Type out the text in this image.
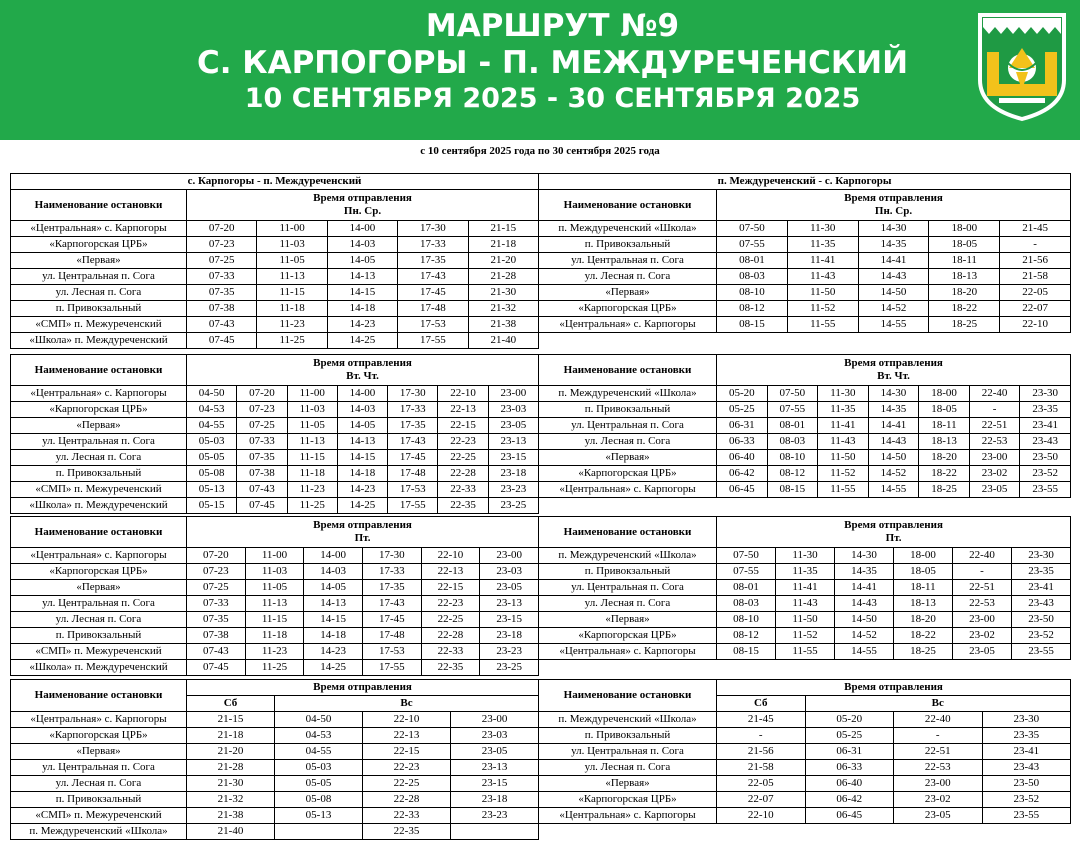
МАРШРУТ №9
С. КАРПОГОРЫ - П. МЕЖДУРЕЧЕНСКИЙ
10 СЕНТЯБРЯ 2025 - 30 СЕНТЯБРЯ 2025
с 10 сентября 2025 года по 30 сентября 2025 года
с. Карпогоры - п. Междуреченский					
Наименование остановки	Время отправления
Пн. Ср.				

«Центральная» с. Карпогоры	07-20	11-00	14-00	17-30	21-15
«Карпогорская ЦРБ»	07-23	11-03	14-03	17-33	21-18
«Первая»	07-25	11-05	14-05	17-35	21-20
ул. Центральная п. Сога	07-33	11-13	14-13	17-43	21-28
ул. Лесная п. Сога	07-35	11-15	14-15	17-45	21-30
п. Привокзальный	07-38	11-18	14-18	17-48	21-32
«СМП» п. Межуреченский	07-43	11-23	14-23	17-53	21-38
«Школа» п. Междуреченский	07-45	11-25	14-25	17-55	21-40
п. Междуреченский - с. Карпогоры					
Наименование остановки	Время отправления
Пн. Ср.				

п. Междуреченский «Школа»	07-50	11-30	14-30	18-00	21-45
п. Привокзальный	07-55	11-35	14-35	18-05	-
ул. Центральная п. Сога	08-01	11-41	14-41	18-11	21-56
ул. Лесная п. Сога	08-03	11-43	14-43	18-13	21-58
«Первая»	08-10	11-50	14-50	18-20	22-05
«Карпогорская ЦРБ»	08-12	11-52	14-52	18-22	22-07
«Центральная» с. Карпогоры	08-15	11-55	14-55	18-25	22-10

Наименование остановки	Время отправления
Вт. Чт.						

«Центральная» с. Карпогоры	04-50	07-20	11-00	14-00	17-30	22-10	23-00
«Карпогорская ЦРБ»	04-53	07-23	11-03	14-03	17-33	22-13	23-03
«Первая»	04-55	07-25	11-05	14-05	17-35	22-15	23-05
ул. Центральная п. Сога	05-03	07-33	11-13	14-13	17-43	22-23	23-13
ул. Лесная п. Сога	05-05	07-35	11-15	14-15	17-45	22-25	23-15
п. Привокзальный	05-08	07-38	11-18	14-18	17-48	22-28	23-18
«СМП» п. Межуреченский	05-13	07-43	11-23	14-23	17-53	22-33	23-23
«Школа» п. Междуреченский	05-15	07-45	11-25	14-25	17-55	22-35	23-25
Наименование остановки	Время отправления
Вт. Чт.						

п. Междуреченский «Школа»	05-20	07-50	11-30	14-30	18-00	22-40	23-30
п. Привокзальный	05-25	07-55	11-35	14-35	18-05	-	23-35
ул. Центральная п. Сога	06-31	08-01	11-41	14-41	18-11	22-51	23-41
ул. Лесная п. Сога	06-33	08-03	11-43	14-43	18-13	22-53	23-43
«Первая»	06-40	08-10	11-50	14-50	18-20	23-00	23-50
«Карпогорская ЦРБ»	06-42	08-12	11-52	14-52	18-22	23-02	23-52
«Центральная» с. Карпогоры	06-45	08-15	11-55	14-55	18-25	23-05	23-55

Наименование остановки	Время отправления
Пт.					

«Центральная» с. Карпогоры	07-20	11-00	14-00	17-30	22-10	23-00
«Карпогорская ЦРБ»	07-23	11-03	14-03	17-33	22-13	23-03
«Первая»	07-25	11-05	14-05	17-35	22-15	23-05
ул. Центральная п. Сога	07-33	11-13	14-13	17-43	22-23	23-13
ул. Лесная п. Сога	07-35	11-15	14-15	17-45	22-25	23-15
п. Привокзальный	07-38	11-18	14-18	17-48	22-28	23-18
«СМП» п. Межуреченский	07-43	11-23	14-23	17-53	22-33	23-23
«Школа» п. Междуреченский	07-45	11-25	14-25	17-55	22-35	23-25
Наименование остановки	Время отправления
Пт.					

п. Междуреченский «Школа»	07-50	11-30	14-30	18-00	22-40	23-30
п. Привокзальный	07-55	11-35	14-35	18-05	-	23-35
ул. Центральная п. Сога	08-01	11-41	14-41	18-11	22-51	23-41
ул. Лесная п. Сога	08-03	11-43	14-43	18-13	22-53	23-43
«Первая»	08-10	11-50	14-50	18-20	23-00	23-50
«Карпогорская ЦРБ»	08-12	11-52	14-52	18-22	23-02	23-52
«Центральная» с. Карпогоры	08-15	11-55	14-55	18-25	23-05	23-55

Наименование остановки	Время отправления			
	Сб	Вс		
«Центральная» с. Карпогоры	21-15	04-50	22-10	23-00
«Карпогорская ЦРБ»	21-18	04-53	22-13	23-03
«Первая»	21-20	04-55	22-15	23-05
ул. Центральная п. Сога	21-28	05-03	22-23	23-13
ул. Лесная п. Сога	21-30	05-05	22-25	23-15
п. Привокзальный	21-32	05-08	22-28	23-18
«СМП» п. Межуреченский	21-38	05-13	22-33	23-23
п. Междуреченский «Школа»	21-40		22-35	
Наименование остановки	Время отправления			
	Сб	Вс		
п. Междуреченский «Школа»	21-45	05-20	22-40	23-30
п. Привокзальный	-	05-25	-	23-35
ул. Центральная п. Сога	21-56	06-31	22-51	23-41
ул. Лесная п. Сога	21-58	06-33	22-53	23-43
«Первая»	22-05	06-40	23-00	23-50
«Карпогорская ЦРБ»	22-07	06-42	23-02	23-52
«Центральная» с. Карпогоры	22-10	06-45	23-05	23-55
